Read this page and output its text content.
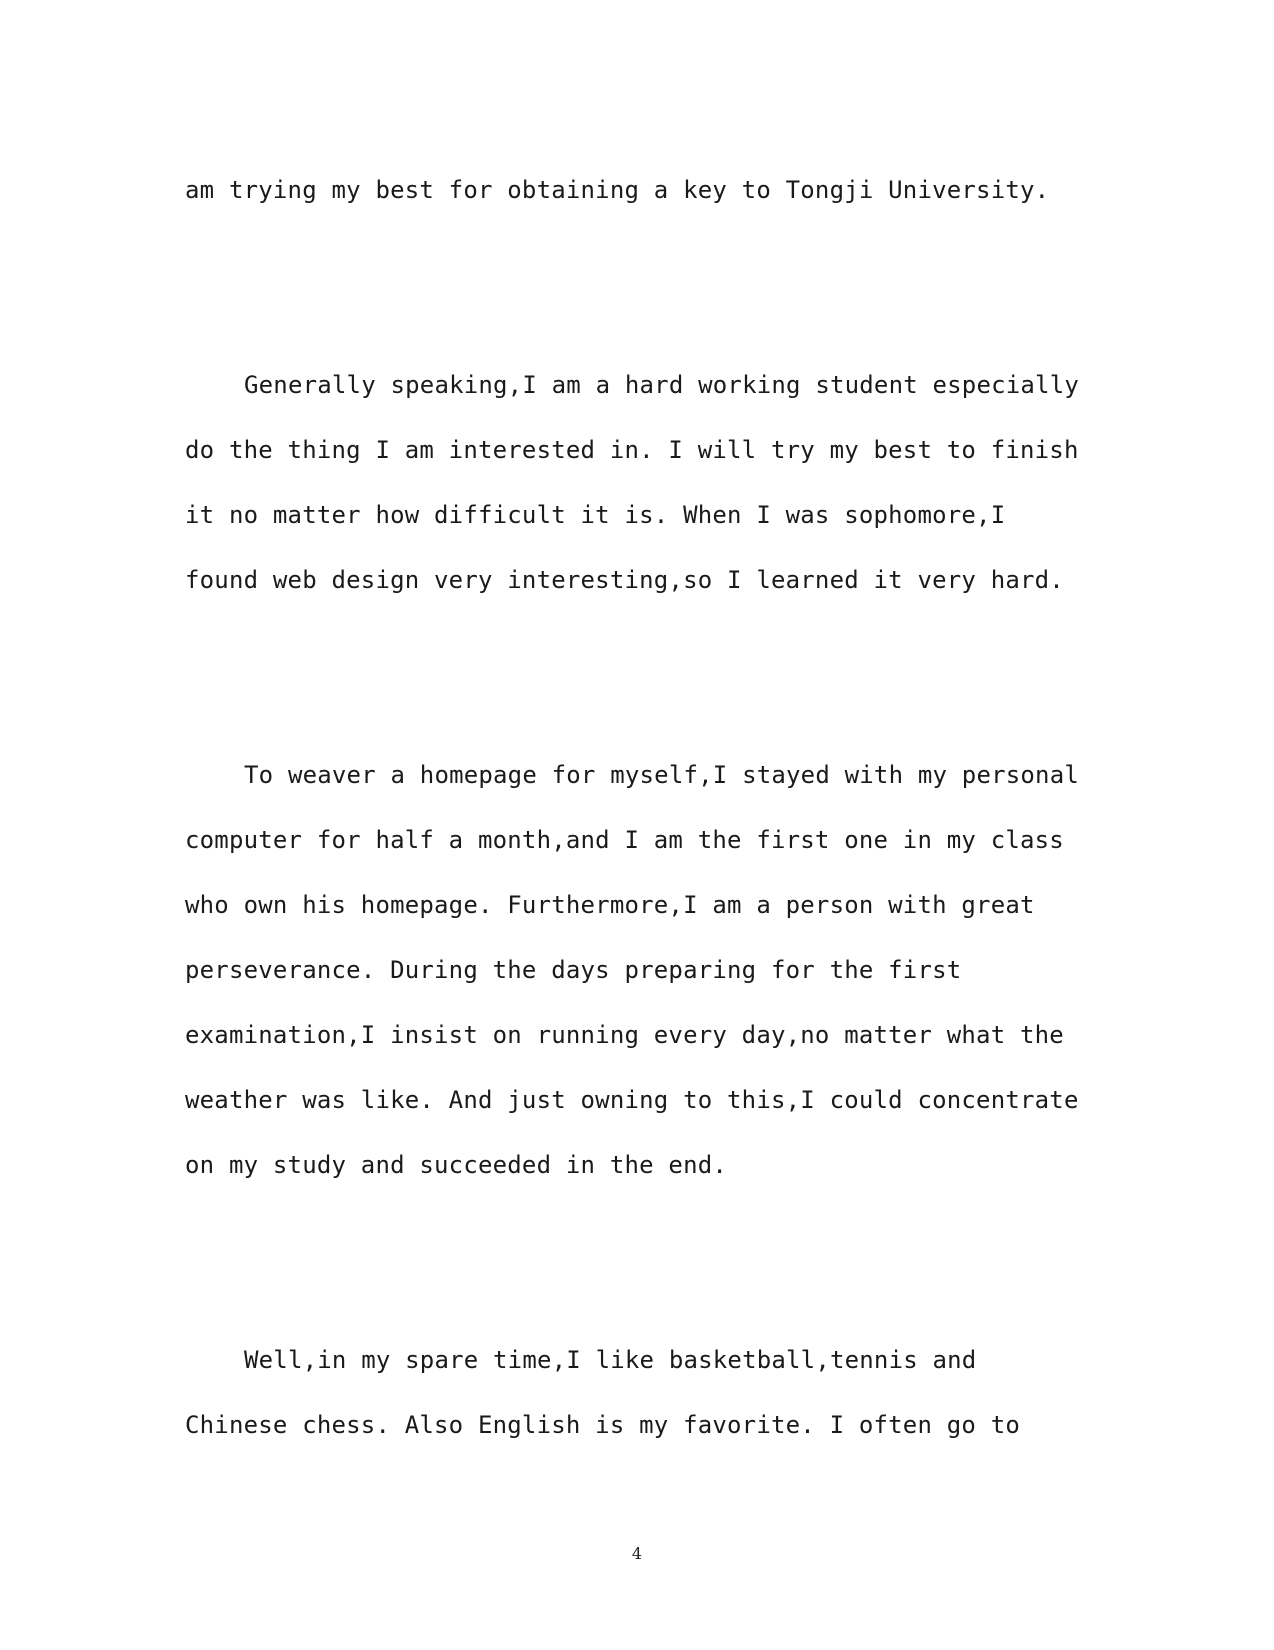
am trying my best for obtaining a key to Tongji University.
Generally speaking,I am a hard working student especially
do the thing I am interested in. I will try my best to finish
it no matter how difficult it is. When I was sophomore,I
found web design very interesting,so I learned it very hard.
To weaver a homepage for myself,I stayed with my personal
computer for half a month,and I am the first one in my class
who own his homepage. Furthermore,I am a person with great
perseverance. During the days preparing for the first
examination,I insist on running every day,no matter what the
weather was like. And just owning to this,I could concentrate
on my study and succeeded in the end.
Well,in my spare time,I like basketball,tennis and
Chinese chess. Also English is my favorite. I often go to
4
